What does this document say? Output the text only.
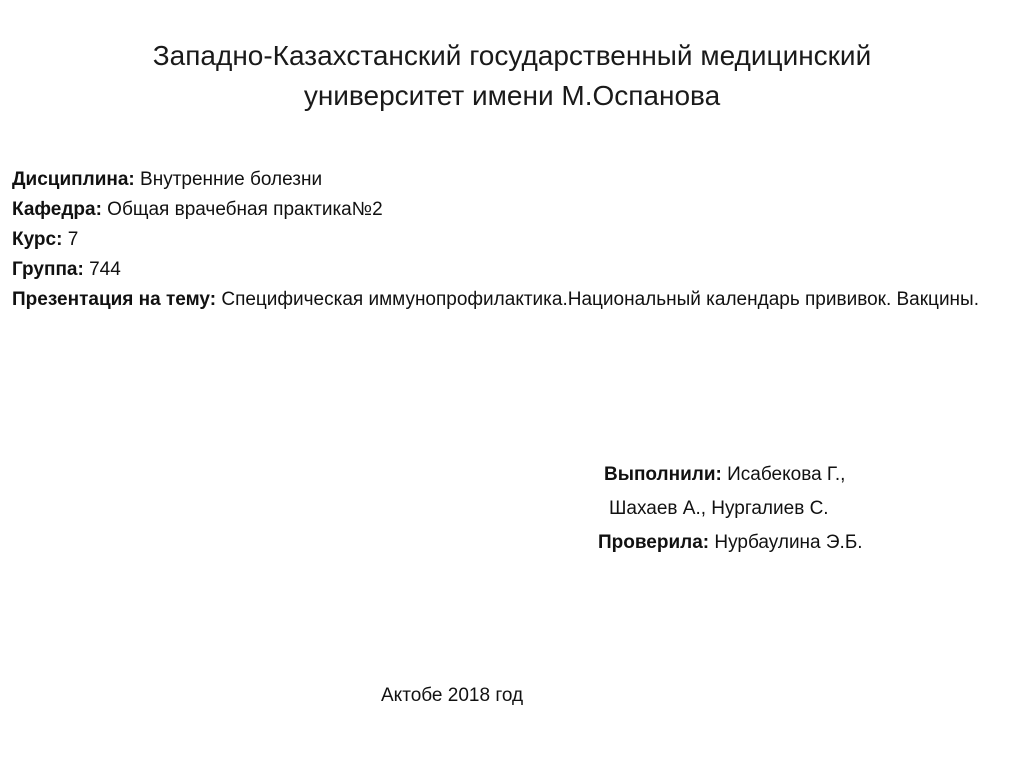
Западно-Казахстанский государственный медицинский
университет имени М.Оспанова

Дисциплина: Внутренние болезни

Кафедра: Общая врачебная практика№2

Курс: 7

Группа: 744

Презентация на тему: Специфическая иммунопрофилактика.Национальный календарь прививок. Вакцины.

Выполнили: Исабекова Г.,

Шахаев А., Нургалиев С.

Проверила: Нурбаулина Э.Б.

Актобе 2018 год
